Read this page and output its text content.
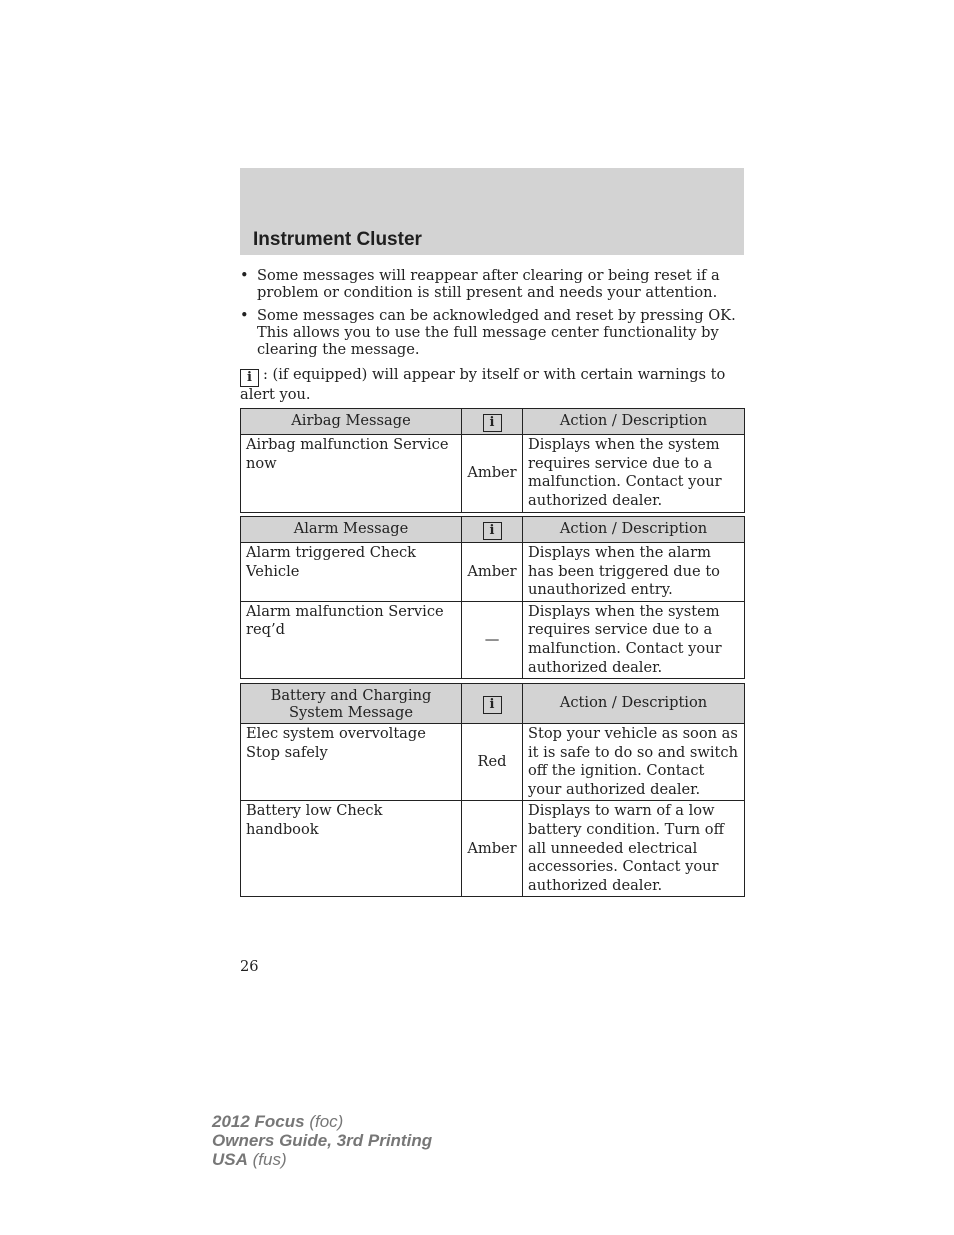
Instrument Cluster
• Some messages will reappear after clearing or being reset if a problem or condition is still present and needs your attention.
• Some messages can be acknowledged and reset by pressing OK. This allows you to use the full message center functionality by clearing the message.

i : (if equipped) will appear by itself or with certain warnings to alert you.

Airbag Message	i	Action / Description
Airbag malfunction Service now	Amber	Displays when the system requires service due to a malfunction. Contact your authorized dealer.
Alarm Message	i	Action / Description
Alarm triggered Check Vehicle	Amber	Displays when the alarm has been triggered due to unauthorized entry.
Alarm malfunction Service req’d	—	Displays when the system requires service due to a malfunction. Contact your authorized dealer.
Battery and Charging System Message	i	Action / Description
Elec system overvoltage Stop safely	Red	Stop your vehicle as soon as it is safe to do so and switch off the ignition. Contact your authorized dealer.
Battery low Check handbook	Amber	Displays to warn of a low battery condition. Turn off all unneeded electrical accessories. Contact your authorized dealer.

26

2012 Focus (foc)
Owners Guide, 3rd Printing
USA (fus)
